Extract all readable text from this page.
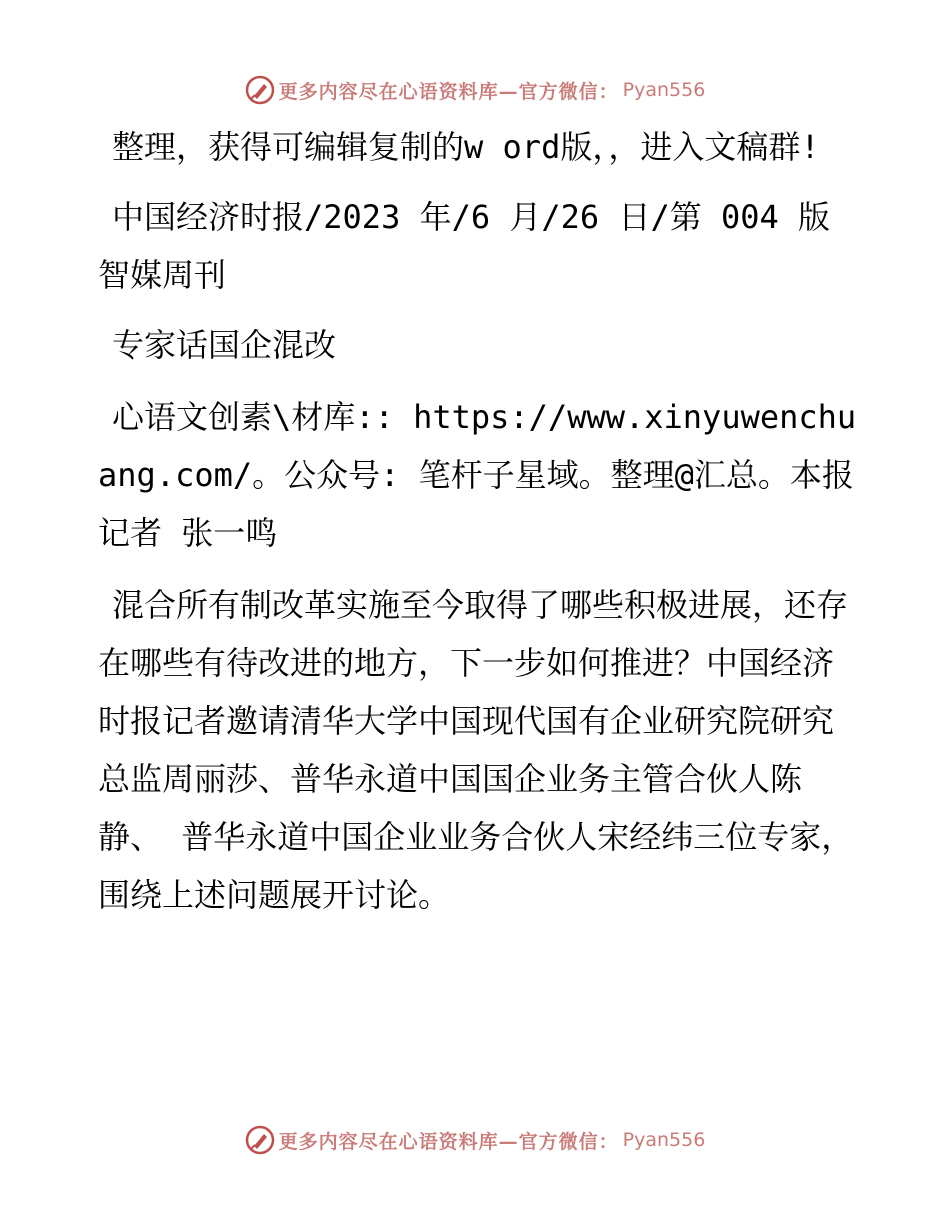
更多内容尽在心语资料库—官方微信： Pyan556

整理，获得可编辑复制的w ord版，，进入文稿群!

中国经济时报/2023 年/6 月/26 日/第 004 版智媒周刊

专家话国企混改

心语文创素\材库:: https://www.xinyuwenchuang.com/。公众号: 笔杆子星域。整理@汇总。本报记者 张一鸣

混合所有制改革实施至今取得了哪些积极进展，还存在哪些有待改进的地方，下一步如何推进？中国经济时报记者邀请清华大学中国现代国有企业研究院研究总监周丽莎、普华永道中国国企业务主管合伙人陈静、 普华永道中国企业业务合伙人宋经纬三位专家， 围绕上述问题展开讨论。

更多内容尽在心语资料库—官方微信： Pyan556
